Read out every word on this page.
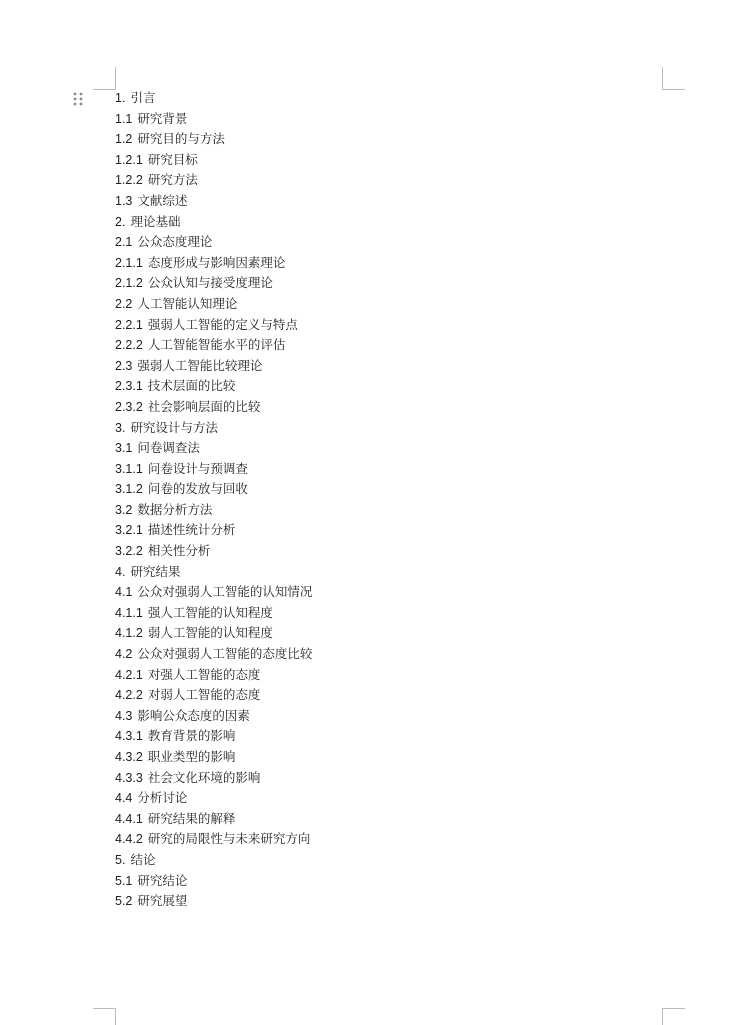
1. 引言
1.1 研究背景
1.2 研究目的与方法
1.2.1 研究目标
1.2.2 研究方法
1.3 文献综述
2. 理论基础
2.1 公众态度理论
2.1.1 态度形成与影响因素理论
2.1.2 公众认知与接受度理论
2.2 人工智能认知理论
2.2.1 强弱人工智能的定义与特点
2.2.2 人工智能智能水平的评估
2.3 强弱人工智能比较理论
2.3.1 技术层面的比较
2.3.2 社会影响层面的比较
3. 研究设计与方法
3.1 问卷调查法
3.1.1 问卷设计与预调查
3.1.2 问卷的发放与回收
3.2 数据分析方法
3.2.1 描述性统计分析
3.2.2 相关性分析
4. 研究结果
4.1 公众对强弱人工智能的认知情况
4.1.1 强人工智能的认知程度
4.1.2 弱人工智能的认知程度
4.2 公众对强弱人工智能的态度比较
4.2.1 对强人工智能的态度
4.2.2 对弱人工智能的态度
4.3 影响公众态度的因素
4.3.1 教育背景的影响
4.3.2 职业类型的影响
4.3.3 社会文化环境的影响
4.4 分析讨论
4.4.1 研究结果的解释
4.4.2 研究的局限性与未来研究方向
5. 结论
5.1 研究结论
5.2 研究展望
